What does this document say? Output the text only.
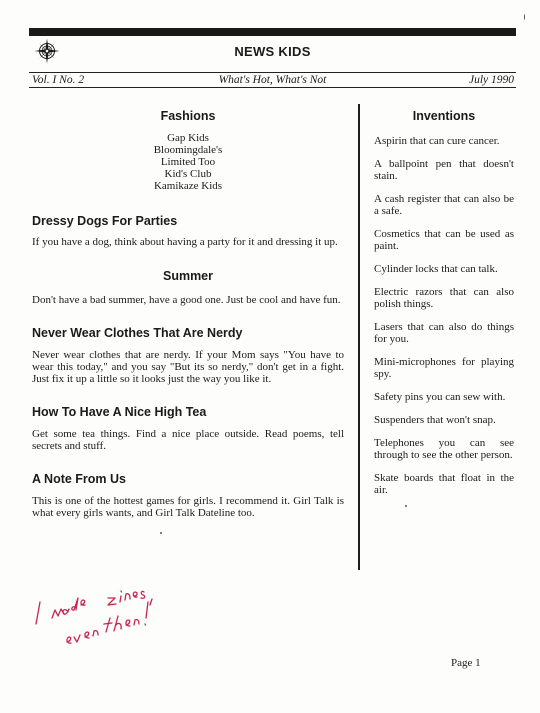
NEWS KIDS
Vol. I No. 2	What's Hot, What's Not	July 1990
Fashions
Gap Kids
Bloomingdale's
Limited Too
Kid's Club
Kamikaze Kids
Dressy Dogs For Parties

If you have a dog, think about having a party for it and dressing it up.

Summer

Don't have a bad summer, have a good one. Just be cool and have fun.

Never Wear Clothes That Are Nerdy

Never wear clothes that are nerdy. If your Mom says "You have to wear this today," and you say "But its so nerdy," don't get in a fight. Just fix it up a little so it looks just the way you like it.

How To Have A Nice High Tea

Get some tea things. Find a nice place outside. Read poems, tell secrets and stuff.

A Note From Us

This is one of the hottest games for girls. I recommend it. Girl Talk is what every girls wants, and Girl Talk Dateline too.

Inventions
Aspirin that can cure cancer.
A ballpoint pen that doesn't stain.
A cash register that can also be a safe.
Cosmetics that can be used as paint.
Cylinder locks that can talk.
Electric razors that can also polish things.
Lasers that can also do things for you.
Mini-microphones for playing spy.
Safety pins you can sew with.
Suspenders that won't snap.
Telephones you can see through to see the other person.
Skate boards that float in the air.
Page 1
